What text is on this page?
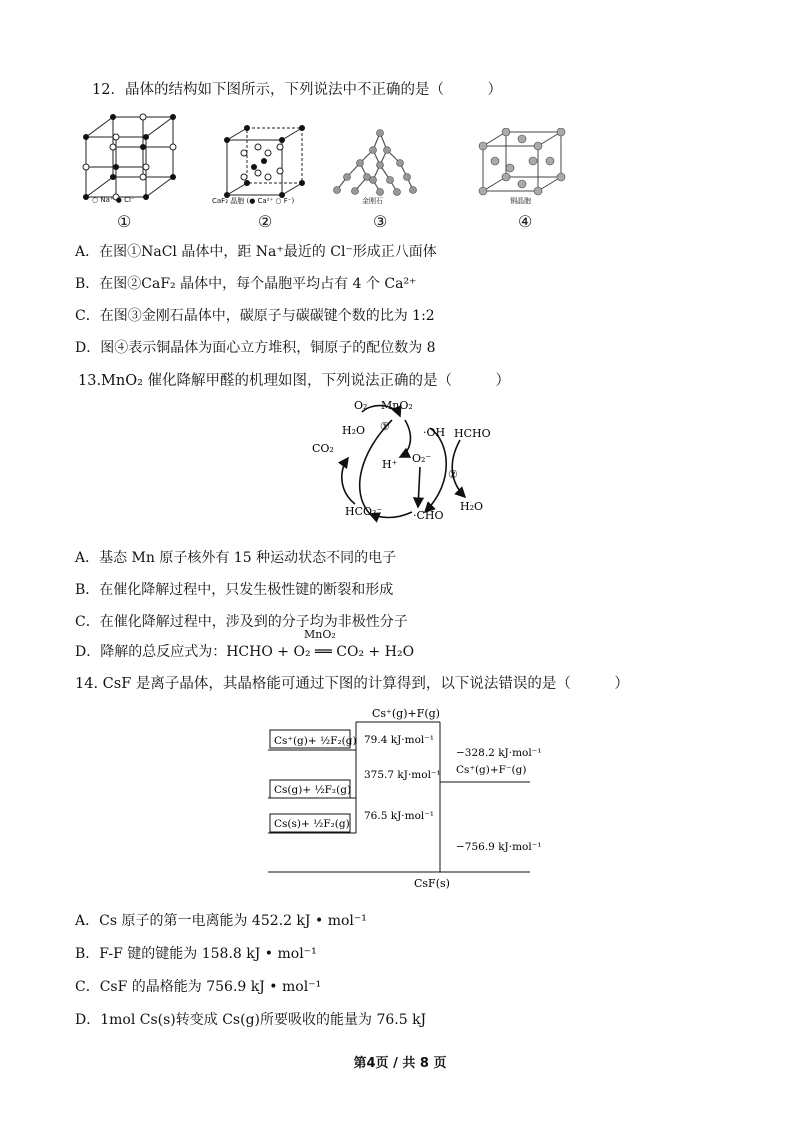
12．晶体的结构如下图所示，下列说法中不正确的是（　　　）
○ Na⁺ ● Cl⁻	CaF₂ 晶胞 (● Ca²⁺ ○ F⁻)	金刚石	铜晶胞
①	②	③	④
A．在图①NaCl 晶体中，距 Na⁺最近的 Cl⁻形成正八面体
B．在图②CaF₂ 晶体中，每个晶胞平均占有 4 个 Ca²⁺
C．在图③金刚石晶体中，碳原子与碳碳键个数的比为 1:2
D．图④表示铜晶体为面心立方堆积，铜原子的配位数为 8
13.MnO₂ 催化降解甲醛的机理如图，下列说法正确的是（　　　）
O₂ MnO₂
H₂O ①	·OH HCHO
CO₂
H⁺ O₂⁻
②
HCO₃⁻	·CHO
H₂O
A．基态 Mn 原子核外有 15 种运动状态不同的电子
B．在催化降解过程中，只发生极性键的断裂和形成
C．在催化降解过程中，涉及到的分子均为非极性分子
MnO₂
D．降解的总反应式为：HCHO + O₂ ══ CO₂ + H₂O
14. CsF 是离子晶体，其晶格能可通过下图的计算得到，以下说法错误的是（　　　）
Cs⁺(g)+F(g)
Cs⁺(g)+ ½F₂(g)
Cs(g)+ ½F₂(g)
Cs(s)+ ½F₂(g)
79.4 kJ·mol⁻¹
375.7 kJ·mol⁻¹
76.5 kJ·mol⁻¹
−328.2 kJ·mol⁻¹
Cs⁺(g)+F⁻(g)
−756.9 kJ·mol⁻¹
CsF(s)
A．Cs 原子的第一电离能为 452.2 kJ • mol⁻¹
B．F-F 键的键能为 158.8 kJ • mol⁻¹
C．CsF 的晶格能为 756.9 kJ • mol⁻¹
D．1mol Cs(s)转变成 Cs(g)所要吸收的能量为 76.5 kJ
第4页 / 共 8 页
